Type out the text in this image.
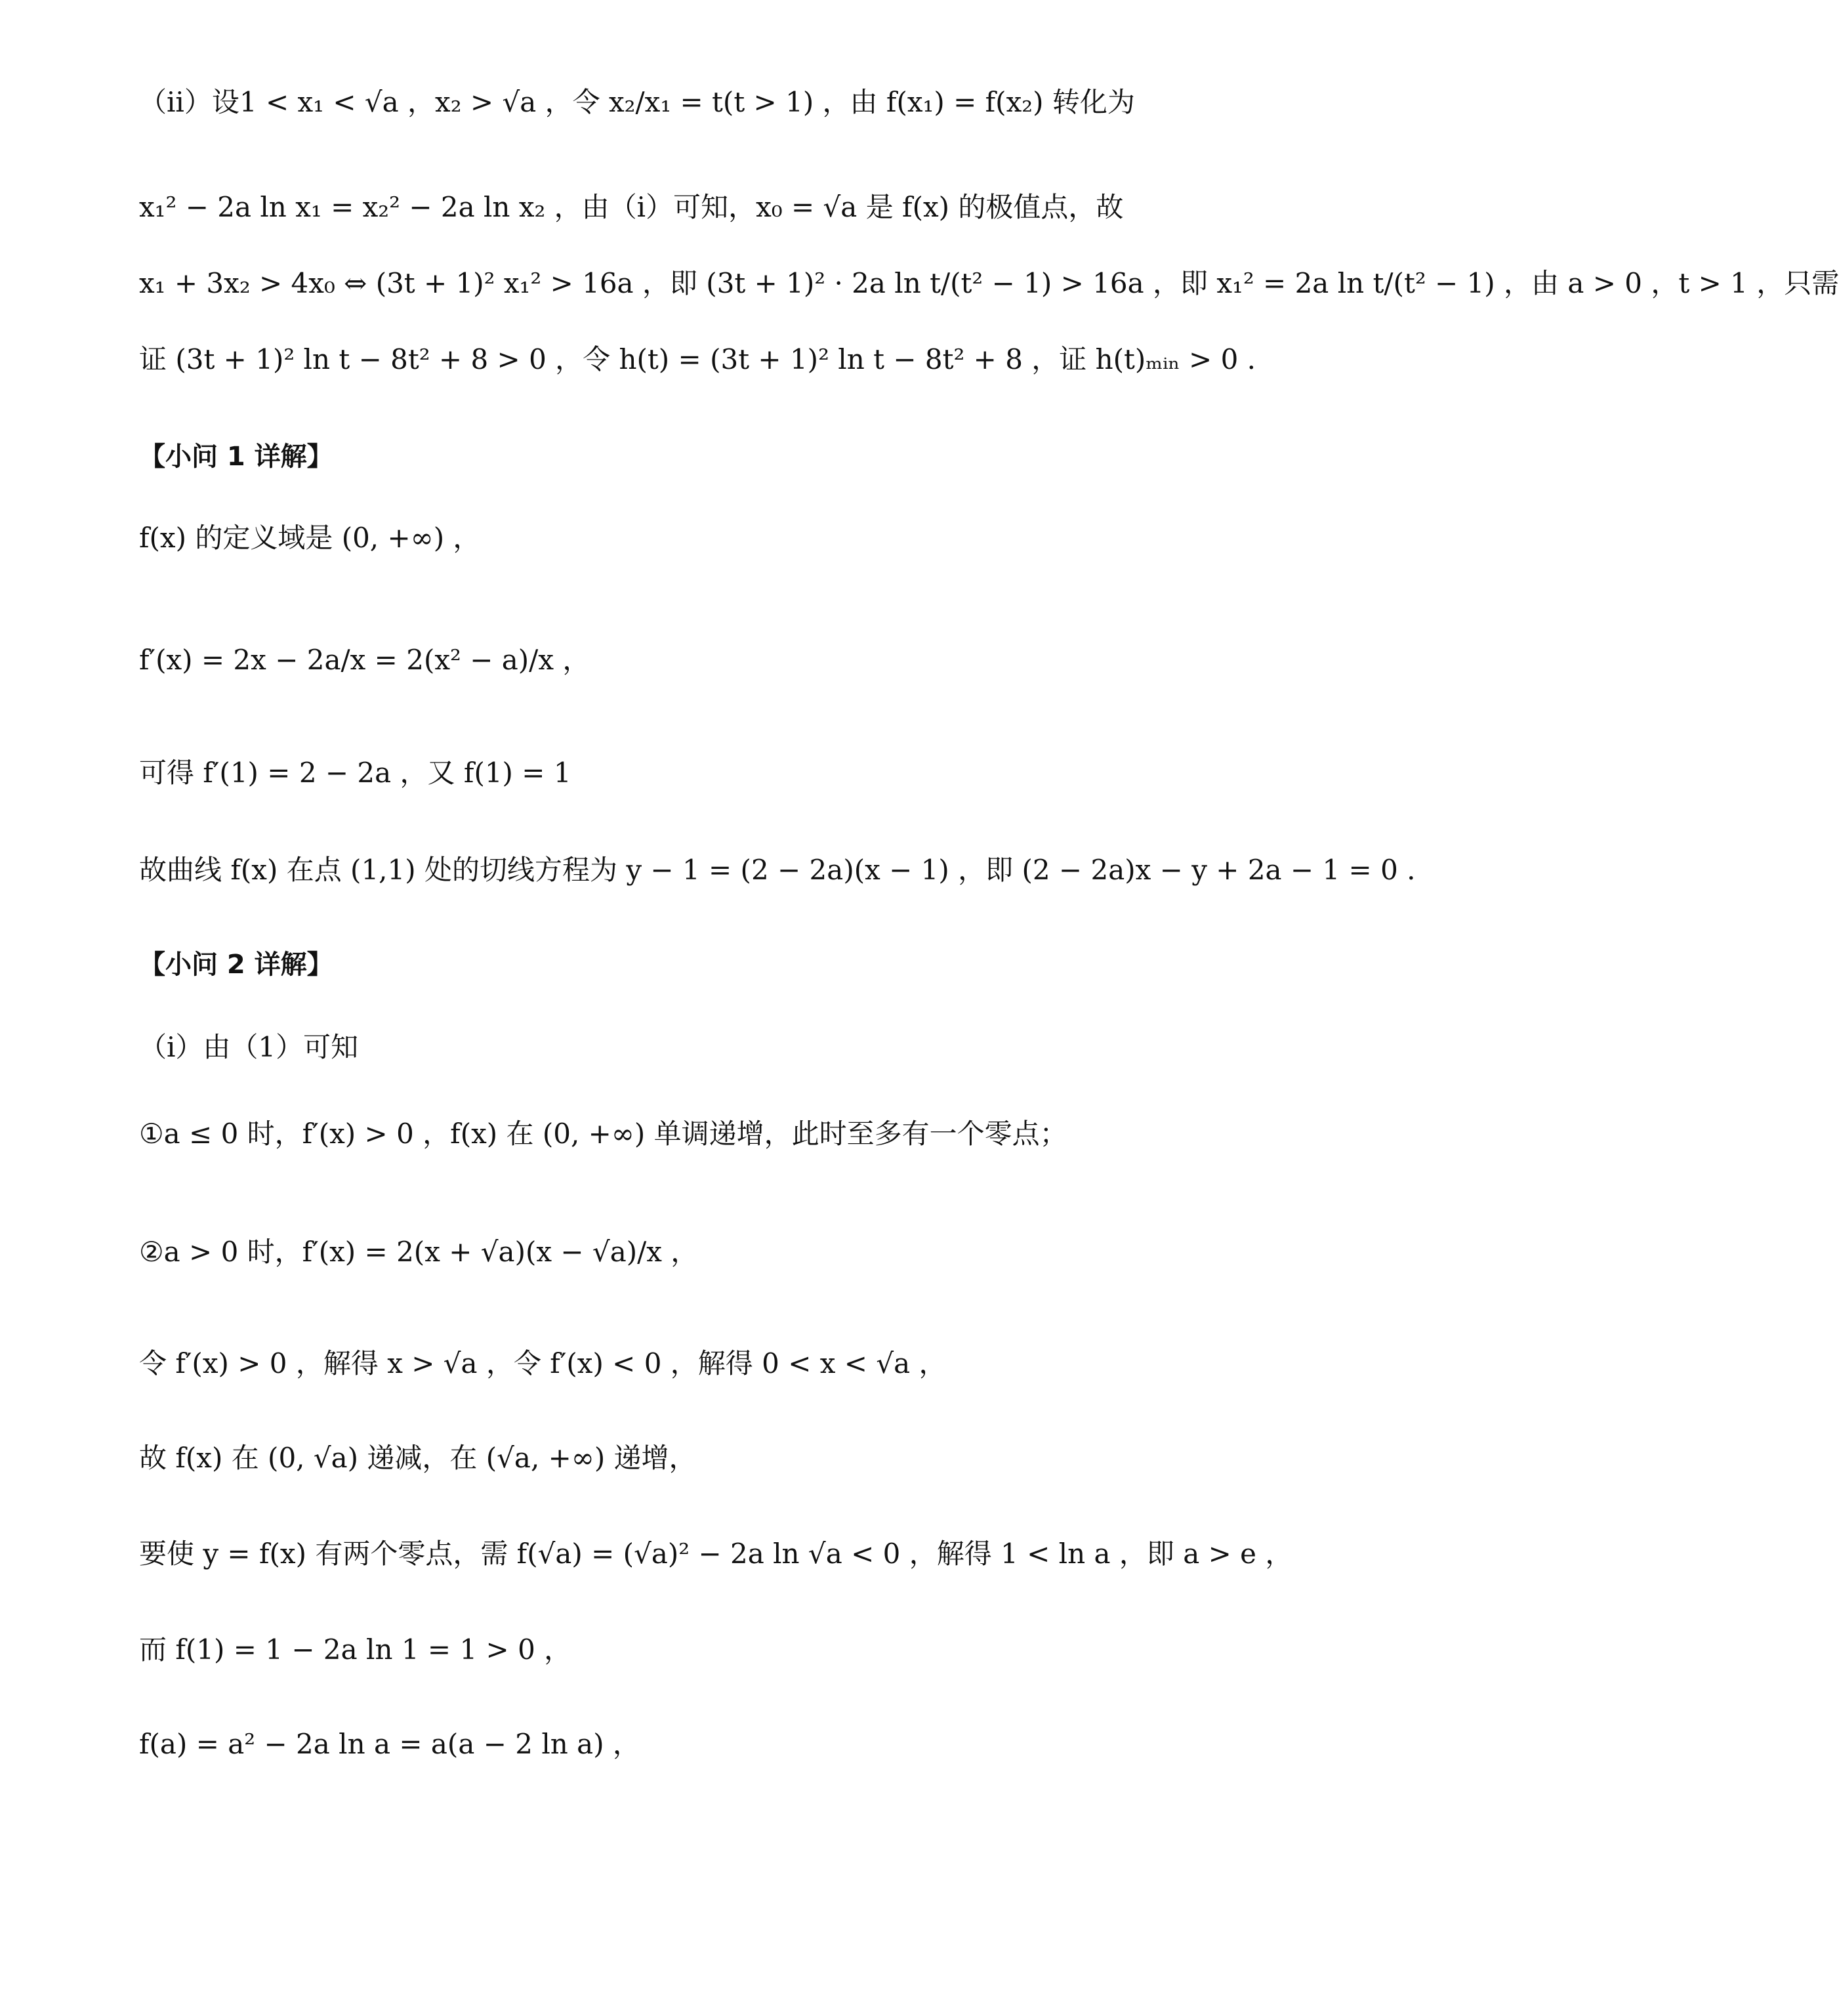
（ii）设1 < x₁ < √a ，x₂ > √a ，令 x₂/x₁ = t(t > 1) ，由 f(x₁) = f(x₂) 转化为
x₁² − 2a ln x₁ = x₂² − 2a ln x₂ ，由（i）可知，x₀ = √a 是 f(x) 的极值点，故
x₁ + 3x₂ > 4x₀ ⇔ (3t + 1)² x₁² > 16a ，即 (3t + 1)² · 2a ln t/(t² − 1) > 16a ，即 x₁² = 2a ln t/(t² − 1) ，由 a > 0 ，t > 1 ，只需
证 (3t + 1)² ln t − 8t² + 8 > 0 ，令 h(t) = (3t + 1)² ln t − 8t² + 8 ，证 h(t)ₘᵢₙ > 0 .
【小问 1 详解】
f(x) 的定义域是 (0, +∞) ，
f′(x) = 2x − 2a/x = 2(x² − a)/x ，
可得 f′(1) = 2 − 2a ，又 f(1) = 1
故曲线 f(x) 在点 (1,1) 处的切线方程为 y − 1 = (2 − 2a)(x − 1) ，即 (2 − 2a)x − y + 2a − 1 = 0 .
【小问 2 详解】
（i）由（1）可知
①a ≤ 0 时，f′(x) > 0 ，f(x) 在 (0, +∞) 单调递增，此时至多有一个零点；
②a > 0 时，f′(x) = 2(x + √a)(x − √a)/x ，
令 f′(x) > 0 ，解得 x > √a ，令 f′(x) < 0 ，解得 0 < x < √a ，
故 f(x) 在 (0, √a) 递减，在 (√a, +∞) 递增，
要使 y = f(x) 有两个零点，需 f(√a) = (√a)² − 2a ln √a < 0 ，解得 1 < ln a ，即 a > e ，
而 f(1) = 1 − 2a ln 1 = 1 > 0 ，
f(a) = a² − 2a ln a = a(a − 2 ln a) ，
